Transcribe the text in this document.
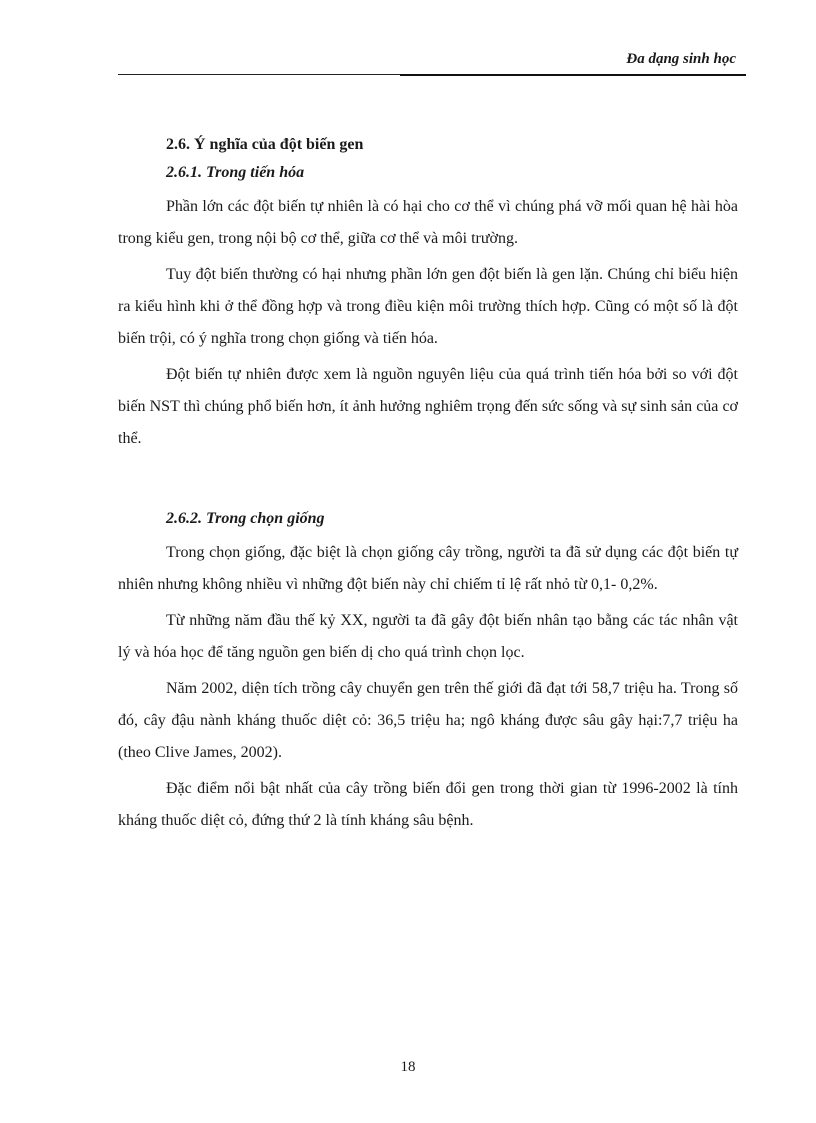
Đa dạng sinh học
2.6. Ý nghĩa của đột biến gen
2.6.1. Trong tiến hóa

Phần lớn các đột biến tự nhiên là có hại cho cơ thể vì chúng phá vỡ mối quan hệ hài hòa trong kiểu gen, trong nội bộ cơ thể, giữa cơ thể và môi trường.

Tuy đột biến thường có hại nhưng phần lớn gen đột biến là gen lặn. Chúng chỉ biểu hiện ra kiểu hình khi ở thể đồng hợp và trong điều kiện môi trường thích hợp. Cũng có một số là đột biến trội, có ý nghĩa trong chọn giống và tiến hóa.

Đột biến tự nhiên được xem là nguồn nguyên liệu của quá trình tiến hóa bởi so với đột biến NST thì chúng phổ biến hơn, ít ảnh hưởng nghiêm trọng đến sức sống và sự sinh sản của cơ thể.

2.6.2. Trong chọn giống

Trong chọn giống, đặc biệt là chọn giống cây trồng, người ta đã sử dụng các đột biến tự nhiên nhưng không nhiều vì những đột biến này chỉ chiếm tỉ lệ rất nhỏ từ 0,1- 0,2%.

Từ những năm đầu thế kỷ XX, người ta đã gây đột biến nhân tạo bằng các tác nhân vật lý và hóa học để tăng nguồn gen biến dị cho quá trình chọn lọc.

Năm 2002, diện tích trồng cây chuyển gen trên thế giới đã đạt tới 58,7 triệu ha. Trong số đó, cây đậu nành kháng thuốc diệt cỏ: 36,5 triệu ha; ngô kháng được sâu gây hại:7,7 triệu ha (theo Clive James, 2002).

Đặc điểm nổi bật nhất của cây trồng biến đổi gen trong thời gian từ 1996-2002 là tính kháng thuốc diệt cỏ, đứng thứ 2 là tính kháng sâu bệnh.

18
